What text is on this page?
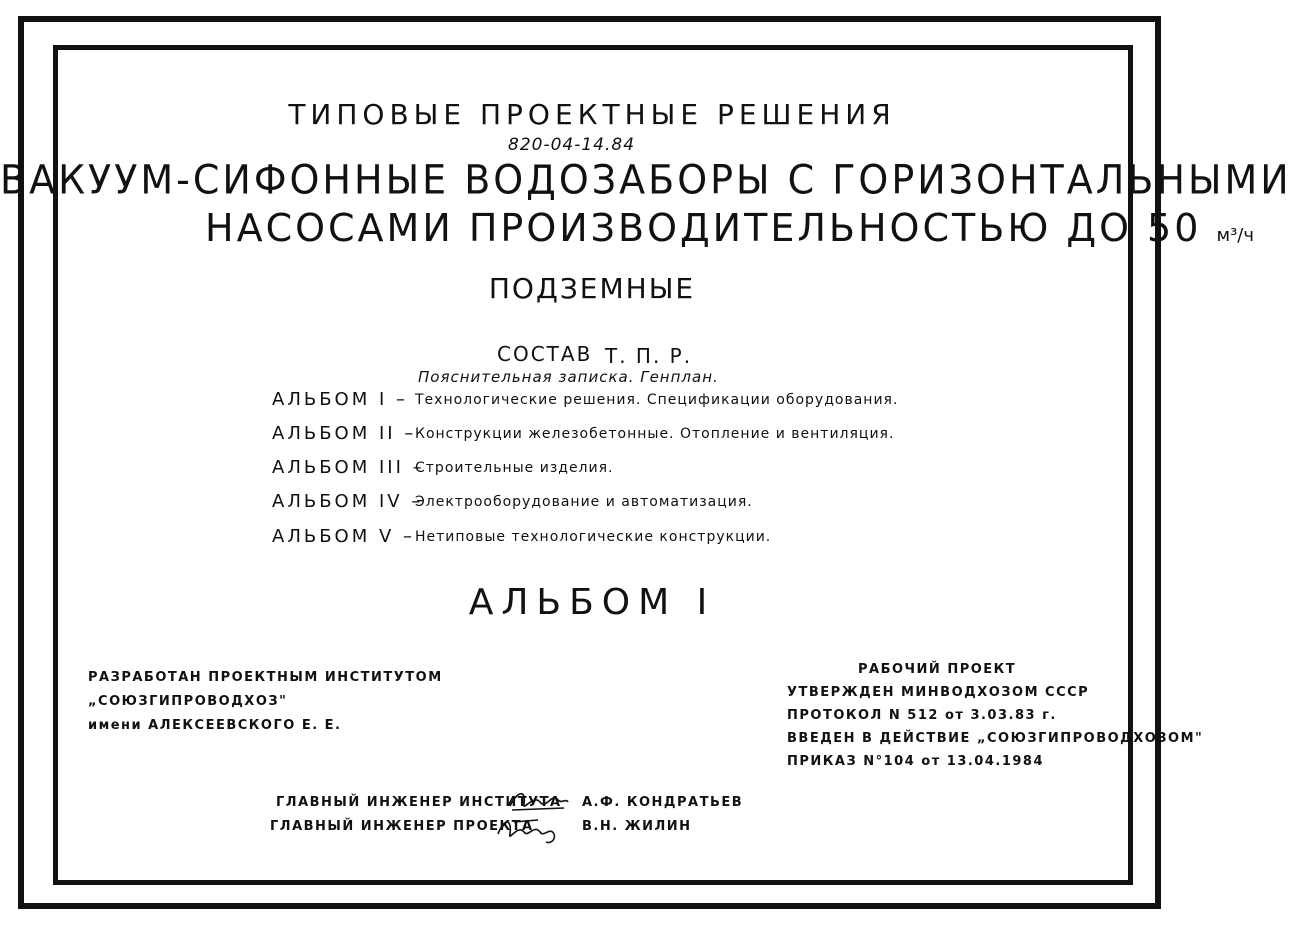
ТИПОВЫЕ ПРОЕКТНЫЕ РЕШЕНИЯ
820-04-14.84
ВАКУУМ-СИФОННЫЕ ВОДОЗАБОРЫ С ГОРИЗОНТАЛЬНЫМИ
НАСОСАМИ ПРОИЗВОДИТЕЛЬНОСТЬЮ ДО 50 м³/ч
ПОДЗЕМНЫЕ
СОСТАВ Т. П. Р.
Пояснительная записка. Генплан.
АЛЬБОМ I – Технологические решения. Спецификации оборудования.
АЛЬБОМ II –
Конструкции железобетонные. Отопление и вентиляция.
АЛЬБОМ III –
Строительные изделия.
АЛЬБОМ IV –
Электрооборудование и автоматизация.
АЛЬБОМ V – Нетиповые технологические конструкции.
АЛЬБОМ I
РАЗРАБОТАН ПРОЕКТНЫМ ИНСТИТУТОМ
„СОЮЗГИПРОВОДХОЗ"
имени АЛЕКСЕЕВСКОГО Е. Е.
РАБОЧИЙ ПРОЕКТ
УТВЕРЖДЕН МИНВОДХОЗОМ СССР
ПРОТОКОЛ N 512 от 3.03.83 г.
ВВЕДЕН В ДЕЙСТВИЕ „СОЮЗГИПРОВОДХОЗОМ"
ПРИКАЗ N°104 от 13.04.1984
ГЛАВНЫЙ ИНЖЕНЕР ИНСТИТУТА А.Ф. КОНДРАТЬЕВ
ГЛАВНЫЙ ИНЖЕНЕР ПРОЕКТА	В.Н. ЖИЛИН
